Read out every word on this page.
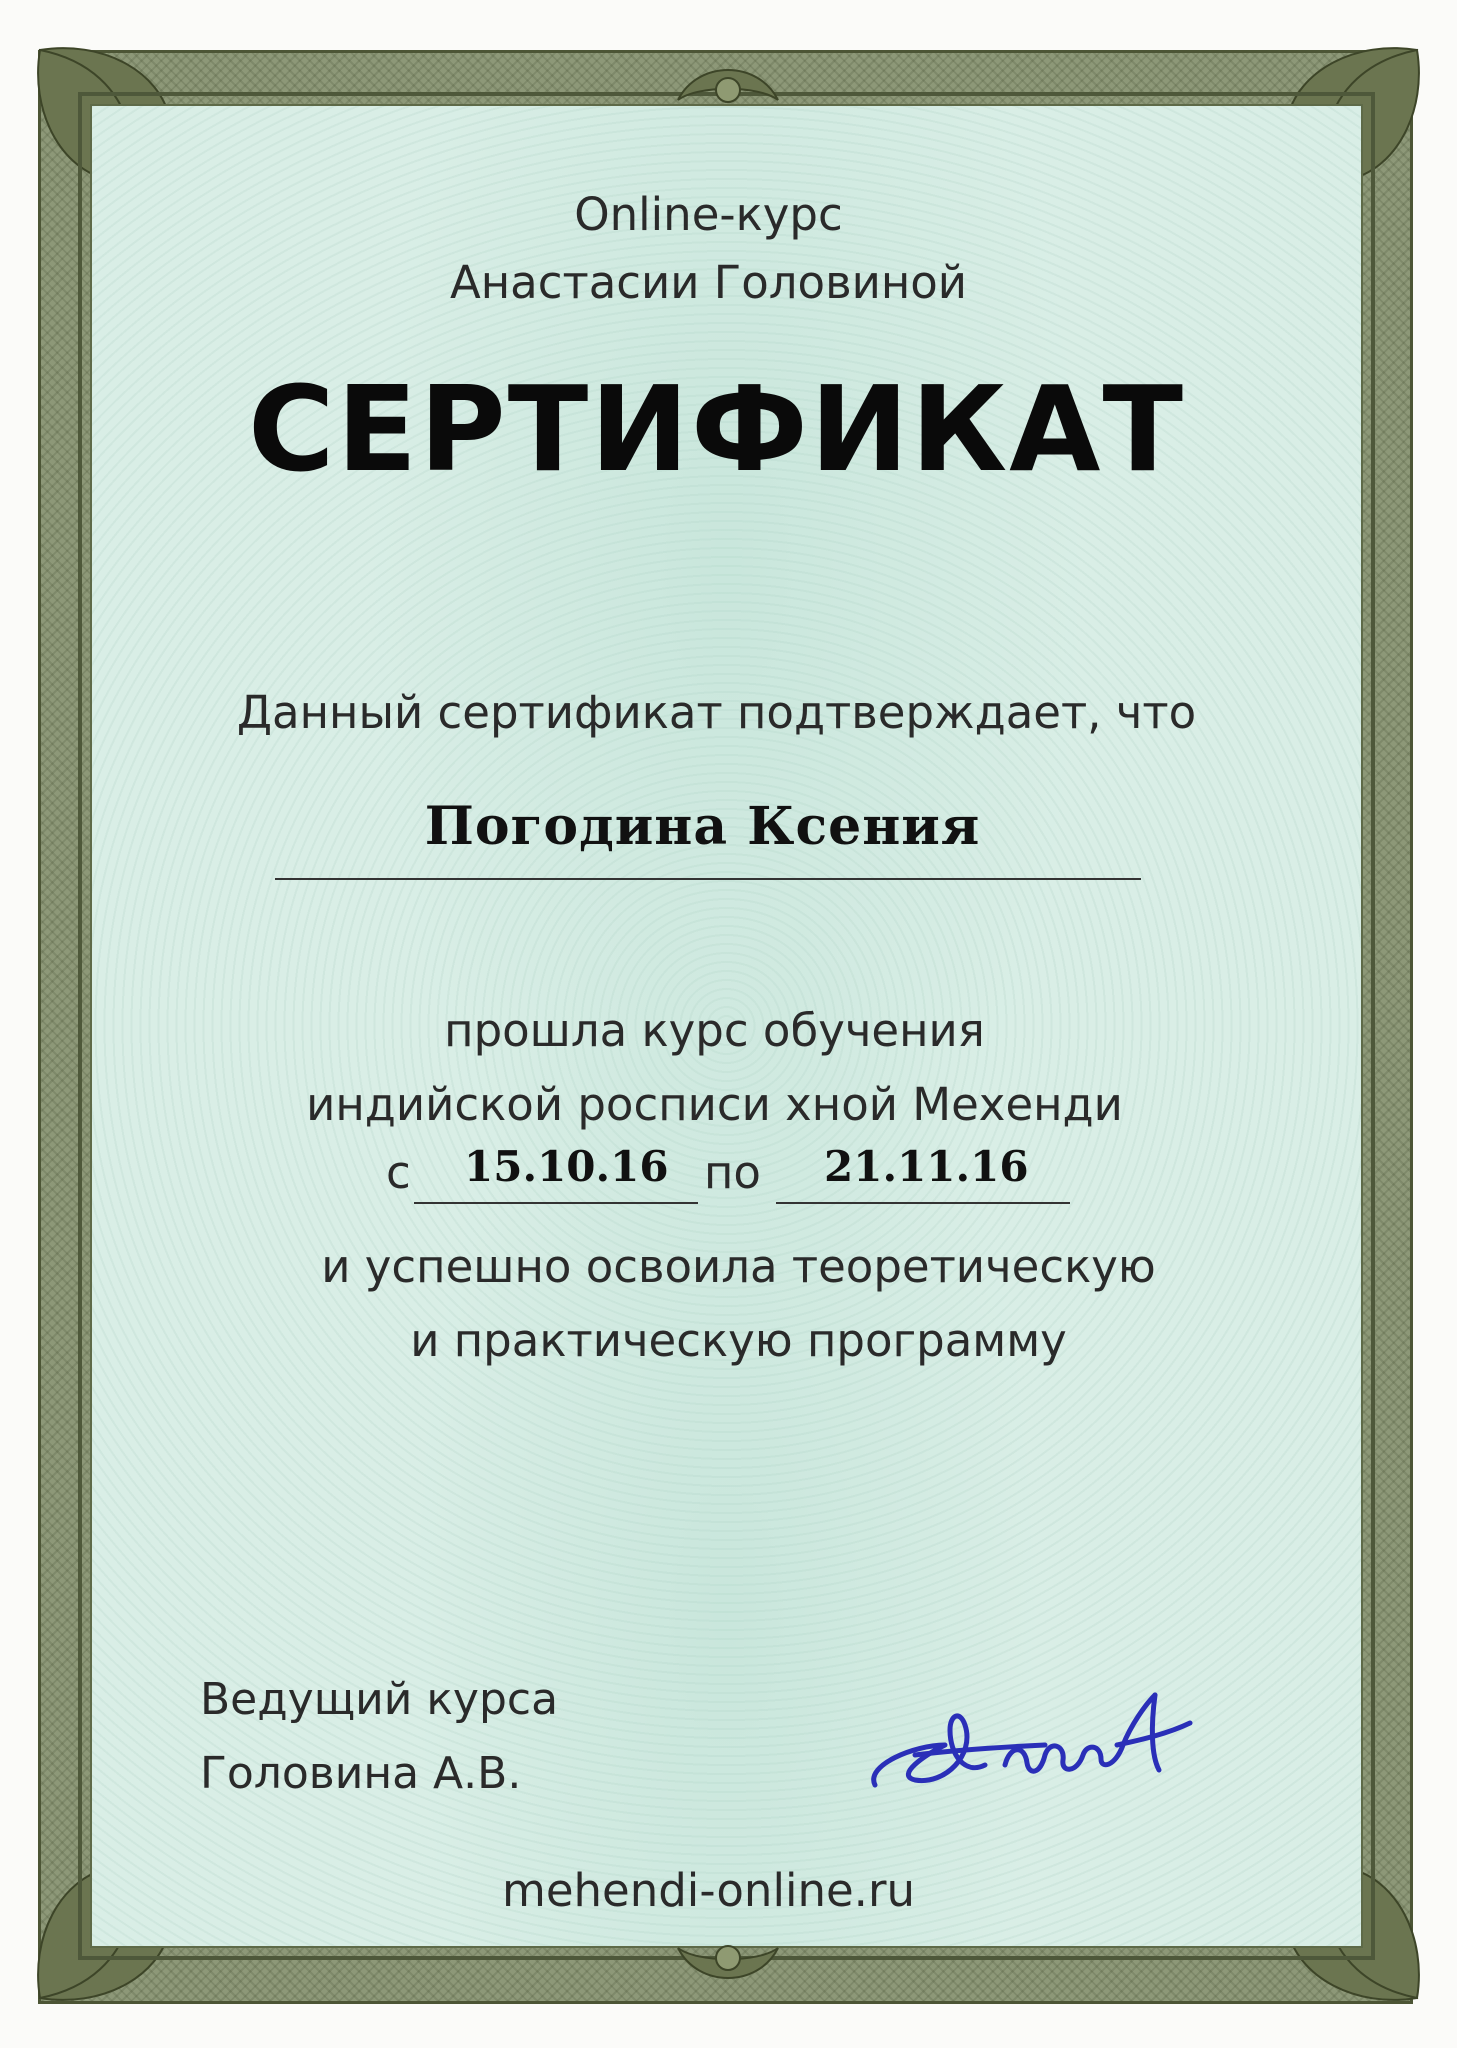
Online-курс
Анастасии Головиной
СЕРТИФИКАТ
Данный сертификат подтверждает, что
Погодина Ксения
прошла курс обучения
индийской росписи хной Мехенди
с 15.10.16 по 21.11.16
и успешно освоила теоретическую
и практическую программу
Ведущий курса
Головина А.В.
mehendi-online.ru
